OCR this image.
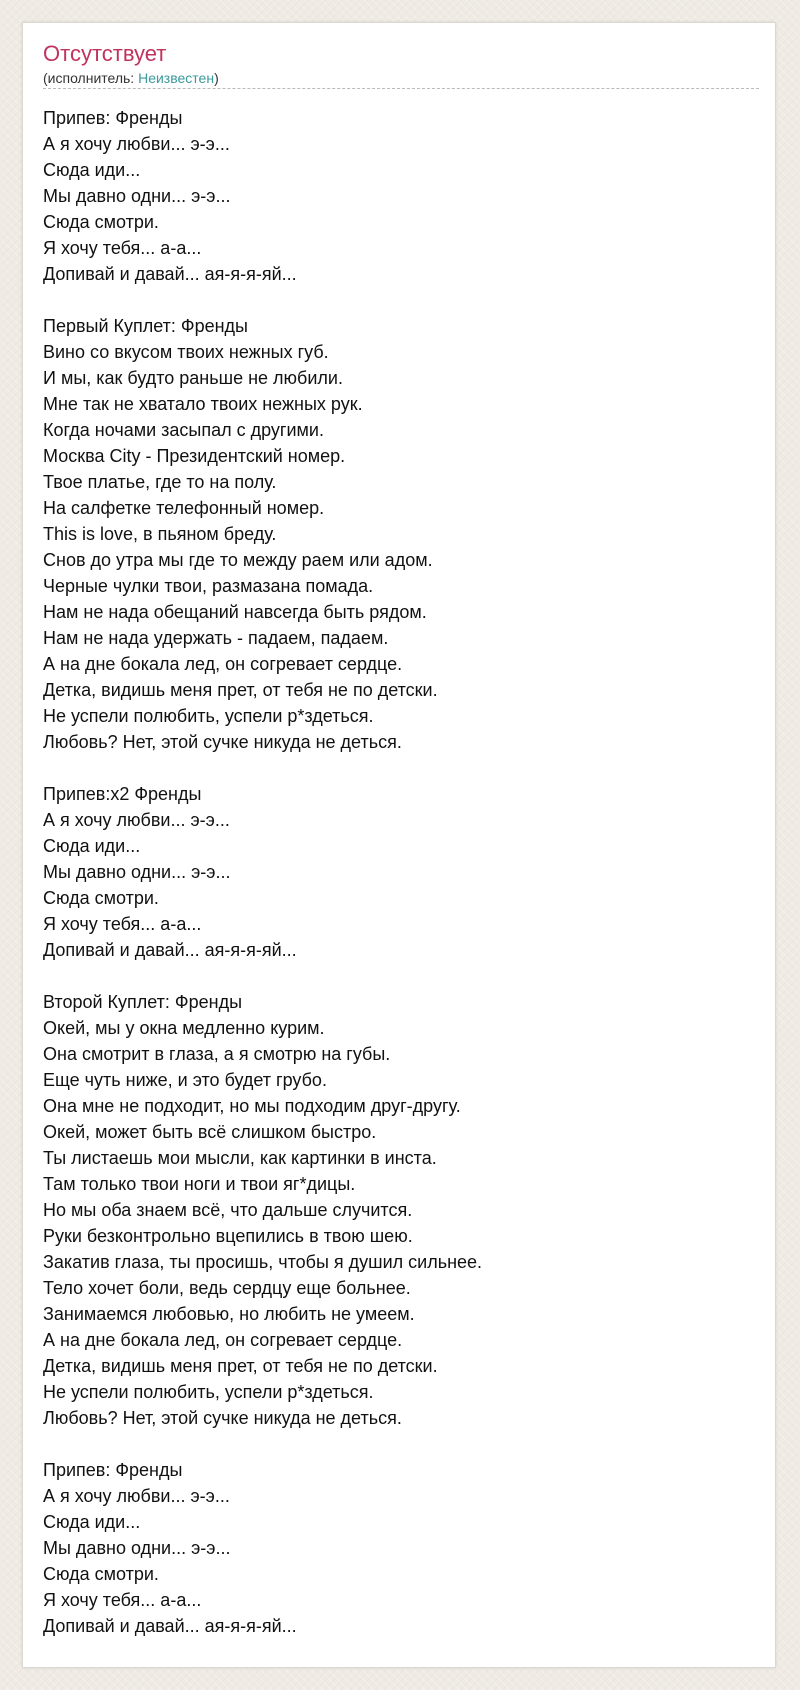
Отсутствует
(исполнитель: Неизвестен)
Припев: Френды
А я хочу любви... э-э...
Сюда иди...
Мы давно одни... э-э...
Сюда смотри.
Я хочу тебя... а-а...
Допивай и давай... ая-я-я-яй...
Первый Куплет: Френды
Вино со вкусом твоих нежных губ.
И мы, как будто раньше не любили.
Мне так не хватало твоих нежных рук.
Когда ночами засыпал с другими.
Москва City - Президентский номер.
Твое платье, где то на полу.
На салфетке телефонный номер.
This is love, в пьяном бреду.
Снов до утра мы где то между раем или адом.
Черные чулки твои, размазана помада.
Нам не нада обещаний навсегда быть рядом.
Нам не нада удержать - падаем, падаем.
А на дне бокала лед, он согревает сердце.
Детка, видишь меня прет, от тебя не по детски.
Не успели полюбить, успели р*здеться.
Любовь? Нет, этой сучке никуда не деться.
Припев:x2 Френды
А я хочу любви... э-э...
Сюда иди...
Мы давно одни... э-э...
Сюда смотри.
Я хочу тебя... а-а...
Допивай и давай... ая-я-я-яй...
Второй Куплет: Френды
Окей, мы у окна медленно курим.
Она смотрит в глаза, а я смотрю на губы.
Еще чуть ниже, и это будет грубо.
Она мне не подходит, но мы подходим друг-другу.
Окей, может быть всё слишком быстро.
Ты листаешь мои мысли, как картинки в инста.
Там только твои ноги и твои яг*дицы.
Но мы оба знаем всё, что дальше случится.
Руки безконтрольно вцепились в твою шею.
Закатив глаза, ты просишь, чтобы я душил сильнее.
Тело хочет боли, ведь сердцу еще больнее.
Занимаемся любовью, но любить не умеем.
А на дне бокала лед, он согревает сердце.
Детка, видишь меня прет, от тебя не по детски.
Не успели полюбить, успели р*здеться.
Любовь? Нет, этой сучке никуда не деться.
Припев: Френды
А я хочу любви... э-э...
Сюда иди...
Мы давно одни... э-э...
Сюда смотри.
Я хочу тебя... а-а...
Допивай и давай... ая-я-я-яй...
